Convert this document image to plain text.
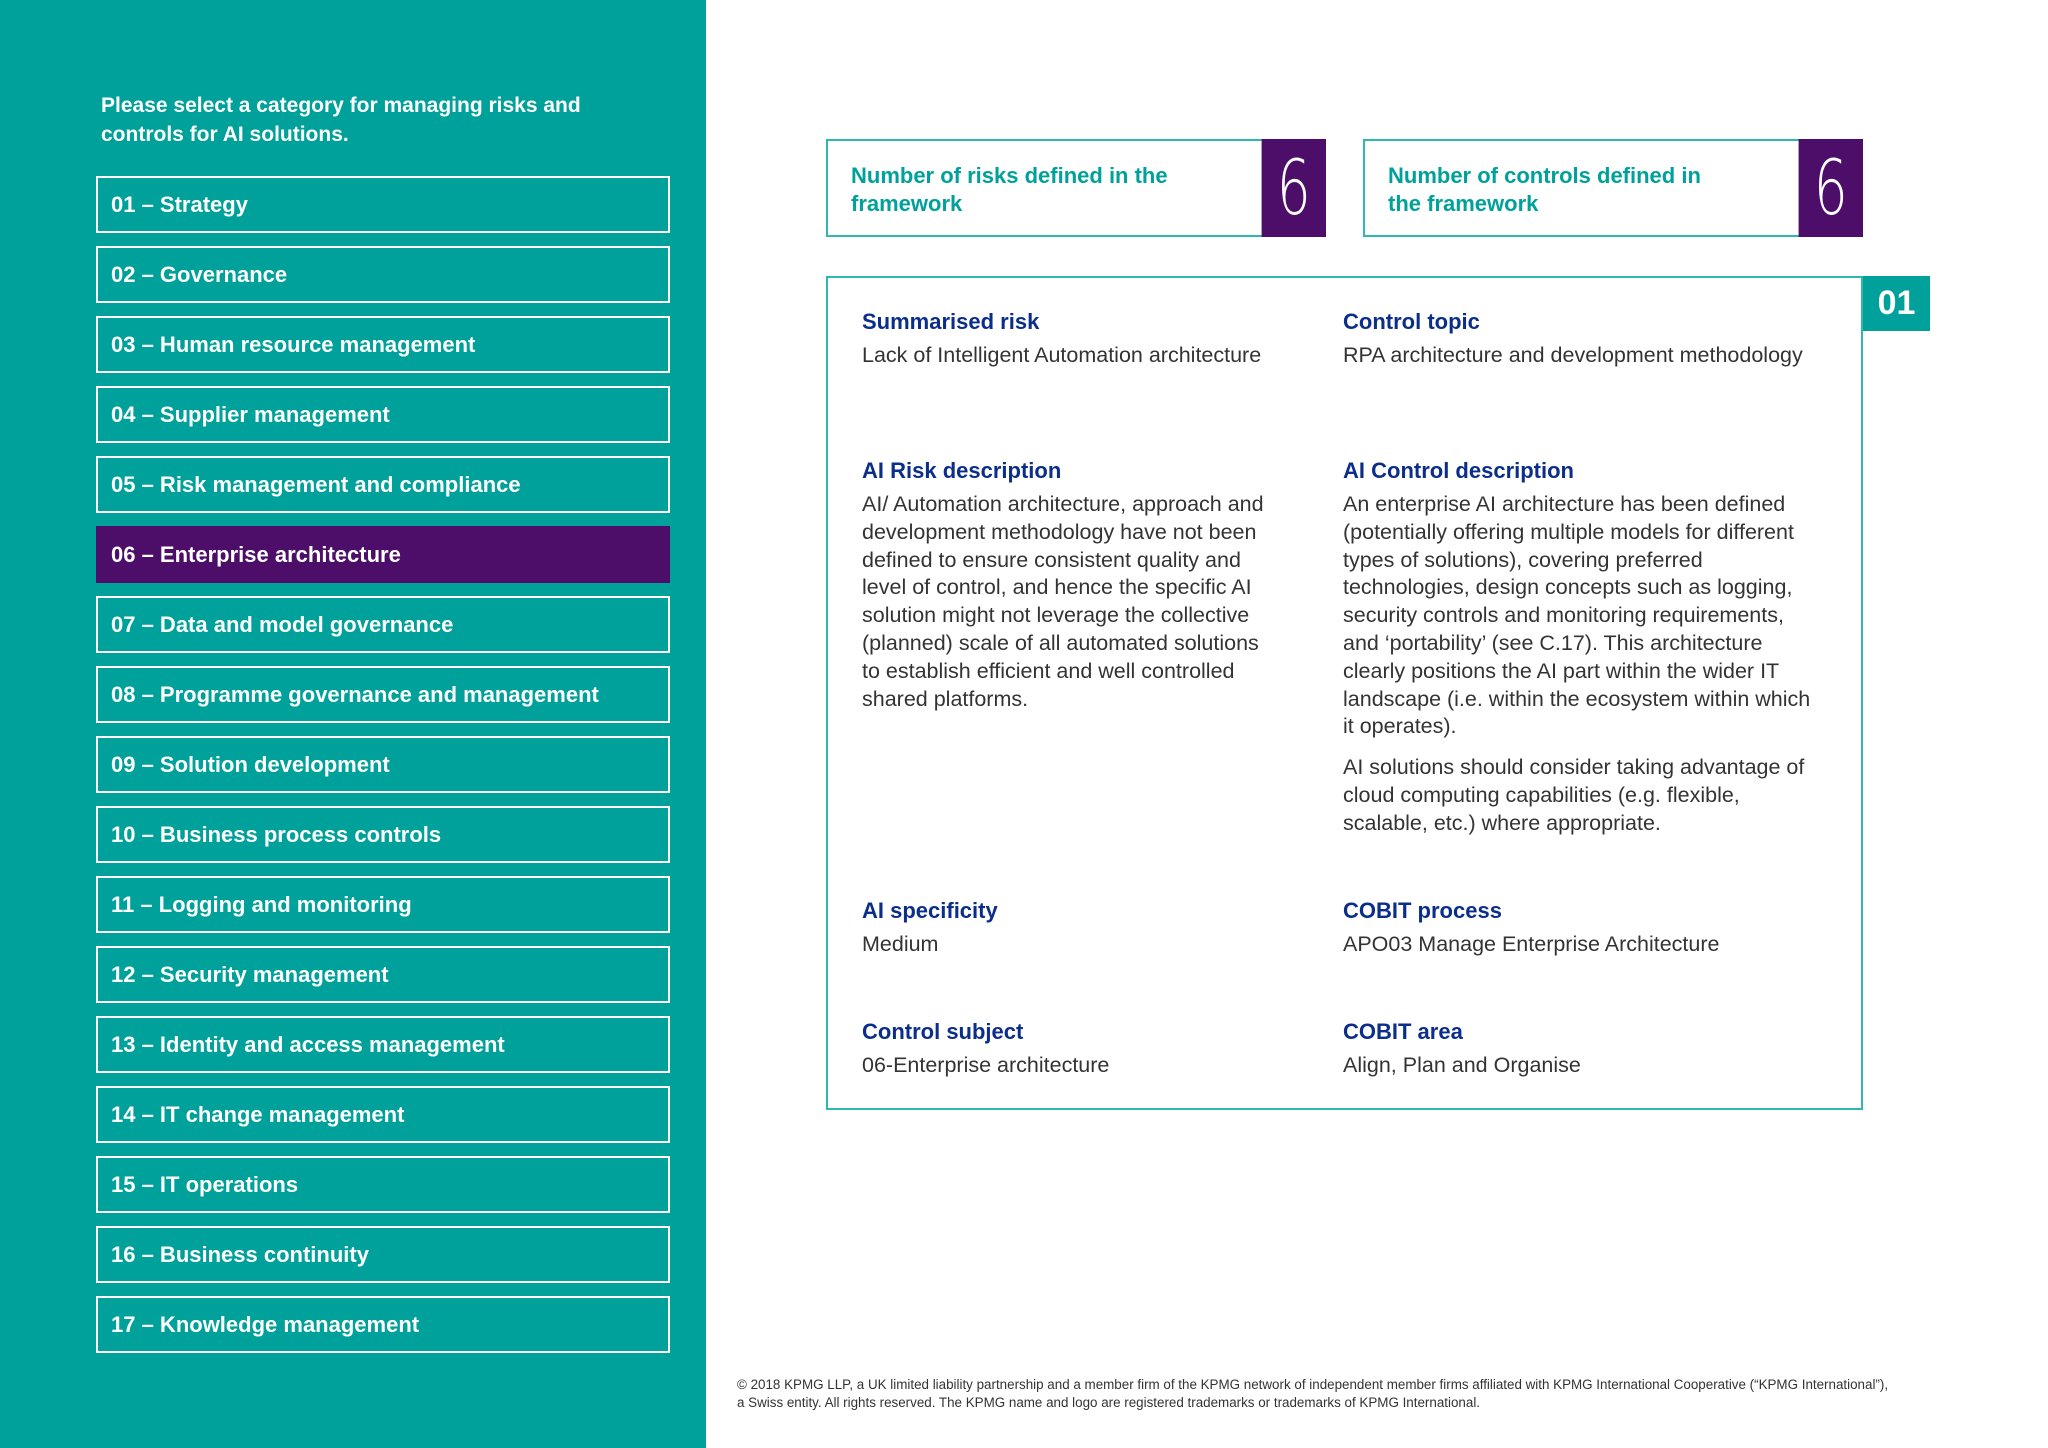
Please select a category for managing risks and controls for AI solutions.
01 – Strategy
02 – Governance
03 – Human resource management
04 – Supplier management
05 – Risk management and compliance
06 – Enterprise architecture
07 – Data and model governance
08 – Programme governance and management
09 – Solution development
10 – Business process controls
11 – Logging and monitoring
12 – Security management
13 – Identity and access management
14 – IT change management
15 – IT operations
16 – Business continuity
17 – Knowledge management
Number of risks defined in the framework	6	Number of controls defined in the framework	6
Summarised risk
Lack of Intelligent Automation architecture
Control topic
RPA architecture and development methodology
AI Risk description
AI/ Automation architecture, approach and development methodology have not been defined to ensure consistent quality and level of control, and hence the specific AI solution might not leverage the collective (planned) scale of all automated solutions to establish efficient and well controlled shared platforms.
AI Control description

An enterprise AI architecture has been defined (potentially offering multiple models for different types of solutions), covering preferred technologies, design concepts such as logging, security controls and monitoring requirements, and ‘portability’ (see C.17). This architecture clearly positions the AI part within the wider IT landscape (i.e. within the ecosystem within which it operates).

AI solutions should consider taking advantage of cloud computing capabilities (e.g. flexible, scalable, etc.) where appropriate.

AI specificity
Medium
COBIT process
APO03 Manage Enterprise Architecture
Control subject
06-Enterprise architecture
COBIT area
Align, Plan and Organise
01
© 2018 KPMG LLP, a UK limited liability partnership and a member firm of the KPMG network of independent member firms affiliated with KPMG International Cooperative (“KPMG International”), a Swiss entity. All rights reserved. The KPMG name and logo are registered trademarks or trademarks of KPMG International.
